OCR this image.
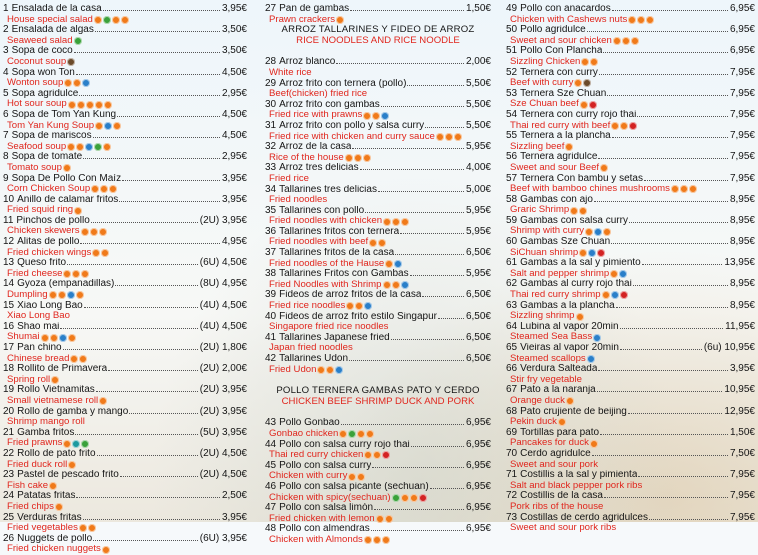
1 Ensalada de la casa	3,95€
House special salad
2 Ensalada de algas	3,50€
Seaweed salad
3 Sopa de coco	3,50€
Coconut soup
4 Sopa won Ton	4,50€
Wonton soup
5 Sopa agridulce	2,95€
Hot sour soup
6 Sopa de Tom Yan Kung	4,50€
Tom Yan Kung Soup
7 Sopa de mariscos	4,50€
Seafood soup
8 Sopa de tomate	2,95€
Tomato soup
9 Sopa De Pollo Con Maíz	3,95€
Corn Chicken Soup
10 Anillo de calamar fritos	3,95€
Fried squid ring
11 Pinchos de pollo	(2U) 3,95€
Chicken skewers
12 Alitas de pollo	4,95€
Fried chicken wings
13 Queso frito	(6U) 4,50€
Fried cheese
14 Gyoza (empanadillas)	(8U) 4,95€
Dumpling
15 Xiao Long Bao	(4U) 4,50€
Xiao Long Bao
16 Shao mai	(4U) 4,50€
Shumai
17 Pan chino	(2U) 1,80€
Chinese bread
18 Rollito de Primavera	(2U) 2,00€
Spring roll
19 Rollo Vietnamitas	(2U) 3,95€
Small vietnamese roll
20 Rollo de gamba y mango	(2U) 3,95€
Shrimp mango roll
21 Gamba fritos	(5U) 3,95€
Fried prawns
22 Rollo de pato frito	(2U) 4,50€
Fried duck roll
23 Pastel de pescado frito	(2U) 4,50€
Fish cake
24 Patatas fritas	2,50€
Fried chips
25 Verduras fritas	3,95€
Fried vegetables
26 Nuggets de pollo	(6U) 3,95€
Fried chicken nuggets
27 Pan de gambas	1,50€
Prawn crackers
ARROZ TALLARINES Y FIDEO DE ARROZ
RICE NOODLES AND RICE NOODLE
28 Arroz blanco	2,00€
White rice
29 Arroz frito con ternera (pollo)	5,50€
Beef(chicken) fried rice
30 Arroz frito con gambas	5,50€
Fried rice with prawns
31 Arroz frito con pollo y salsa curry	5,50€
Fried rice with chicken and curry sauce
32 Arroz de la casa	5,95€
Rice of the house
33 Arroz tres delicias	4,00€
Fried rice
34 Tallarines tres delicias	5,00€
Fried noodles
35 Tallarines con pollo	5,95€
Fried noodles with chicken
36 Tallarines fritos con ternera	5,95€
Fried noodles with beef
37 Tallarines fritos de la casa	6,50€
Fried noodles of the Hause
38 Tallarines Fritos con Gambas	5,95€
Fried Noodles with Shrimp
39 Fideos de arroz fritos de la casa	6,50€
Fried rice noodles
40 Fideos de arroz frito estilo Singapur	6,50€
Singapore fried rice noodles
41 Tallarines Japanese fried	6,50€
Japan fried noodles
42 Tallarines Udon	6,50€
Fried Udon
POLLO TERNERA GAMBAS PATO Y CERDO
CHICKEN BEEF SHRIMP DUCK AND PORK
43 Pollo Gonbao	6,95€
Gonbao chicken
44 Pollo con salsa curry rojo thai	6,95€
Thai red curry chicken
45 Pollo con salsa curry	6,95€
Chicken with curry
46 Pollo con salsa picante (sechuan)	6,95€
Chicken with spicy(sechuan)
47 Pollo con salsa limón	6,95€
Fried chicken with lemon
48 Pollo con almendras	6,95€
Chicken with Almonds
49 Pollo con anacardos	6,95€
Chicken with Cashews nuts
50 Pollo agridulce	6,95€
Sweet and sour chicken
51 Pollo Con Plancha	6,95€
Sizzling Chicken
52 Ternera con curry	7,95€
Beef with curry
53 Ternera Sze Chuan	7,95€
Sze Chuan beef
54 Ternera con curry rojo thai	7,95€
Thai red curry with beef
55 Ternera a la plancha	7,95€
Sizzling beef
56 Ternera agridulce	7,95€
Sweet and sour Beef
57 Ternera Con bambu y setas	7,95€
Beef with bamboo chines mushrooms
58 Gambas con ajo	8,95€
Graric Shrimp
59 Gambas con salsa curry	8,95€
Shrimp with curry
60 Gambas Sze Chuan	8,95€
SiChuan shrimp
61 Gambas a la sal y pimiento	13,95€
Salt and pepper shrimp
62 Gambas al curry rojo thai	8,95€
Thai red curry shrimp
63 Gambas a la plancha	8,95€
Sizzling shrimp
64 Lubina al vapor 20min	11,95€
Steamed Sea Bass
65 Vieiras al vapor 20min	(6u) 10,95€
Steamed scallops
66 Verdura Salteada	3,95€
Stir fry vegetable
67 Pato a la naranja	10,95€
Orange duck
68 Pato crujiente de beijing	12,95€
Pekin duck
69 Tortillas para pato	1,50€
Pancakes for duck
70 Cerdo agridulce	7,50€
Sweet and sour pork
71 Costillis a la sal y pimienta	7,95€
Salt and black pepper pork ribs
72 Costillis de la casa	7,95€
Pork ribs of the house
73 Costillas de cerdo agridulces	7,95€
Sweet and sour pork ribs
